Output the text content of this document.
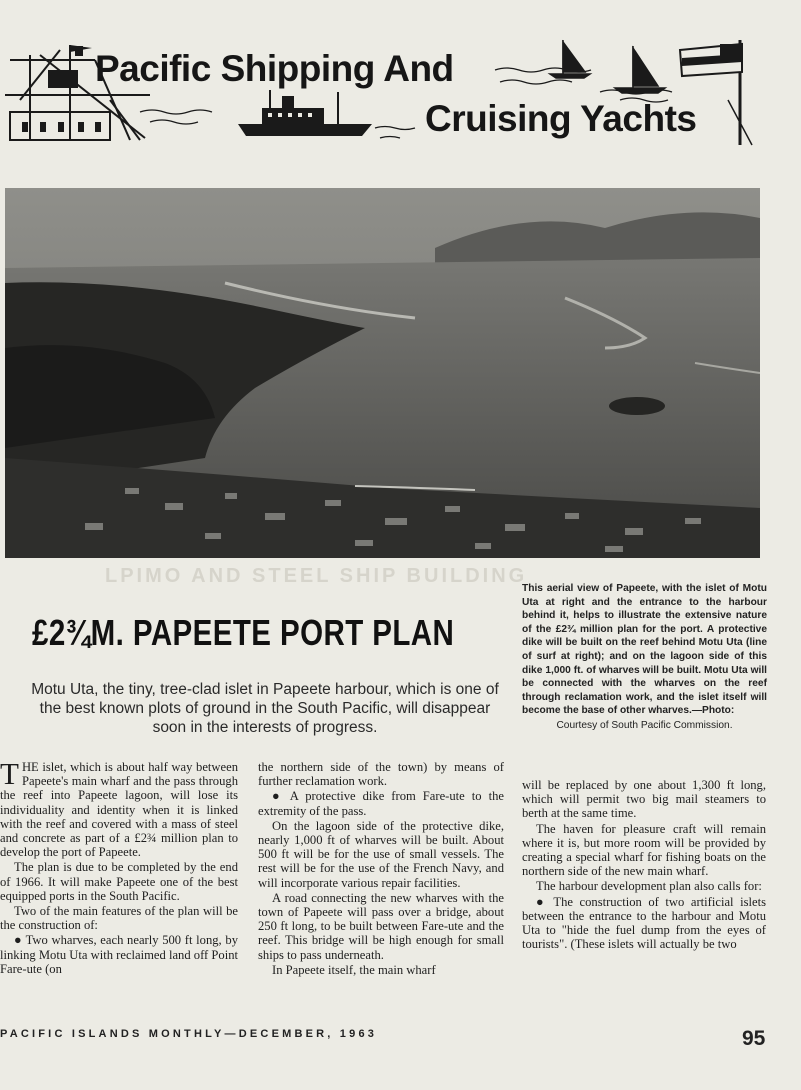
Pacific Shipping And
Cruising Yachts
LPIMO AND STEEL SHIP BUILDING
This aerial view of Papeete, with the islet of Motu Uta at right and the entrance to the harbour behind it, helps to illustrate the extensive nature of the £2¾ million plan for the port. A protective dike will be built on the reef behind Motu Uta (line of surf at right); and on the lagoon side of this dike 1,000 ft. of wharves will be built. Motu Uta will be connected with the wharves on the reef through reclamation work, and the islet itself will become the base of other wharves.—Photo:
Courtesy of South Pacific Commission.
£2¾M. PAPEETE PORT PLAN
Motu Uta, the tiny, tree-clad islet in Papeete harbour, which is one of the best known plots of ground in the South Pacific, will disappear soon in the interests of progress.

THE islet, which is about half way between Papeete's main wharf and the pass through the reef into Papeete lagoon, will lose its individuality and identity when it is linked with the reef and covered with a mass of steel and concrete as part of a £2¾ million plan to develop the port of Papeete.

The plan is due to be completed by the end of 1966. It will make Papeete one of the best equipped ports in the South Pacific.

Two of the main features of the plan will be the construction of:

● Two wharves, each nearly 500 ft long, by linking Motu Uta with reclaimed land off Point Fare-ute (on

the northern side of the town) by means of further reclamation work.

● A protective dike from Fare-ute to the extremity of the pass.

On the lagoon side of the protective dike, nearly 1,000 ft of wharves will be built. About 500 ft will be for the use of small vessels. The rest will be for the use of the French Navy, and will incorporate various repair facilities.

A road connecting the new wharves with the town of Papeete will pass over a bridge, about 250 ft long, to be built between Fare-ute and the reef. This bridge will be high enough for small ships to pass underneath.

In Papeete itself, the main wharf

will be replaced by one about 1,300 ft long, which will permit two big mail steamers to berth at the same time.

The haven for pleasure craft will remain where it is, but more room will be provided by creating a special wharf for fishing boats on the northern side of the new main wharf.

The harbour development plan also calls for:

● The construction of two artificial islets between the entrance to the harbour and Motu Uta to "hide the fuel dump from the eyes of tourists". (These islets will actually be two

PACIFIC ISLANDS MONTHLY—DECEMBER, 1963	95
